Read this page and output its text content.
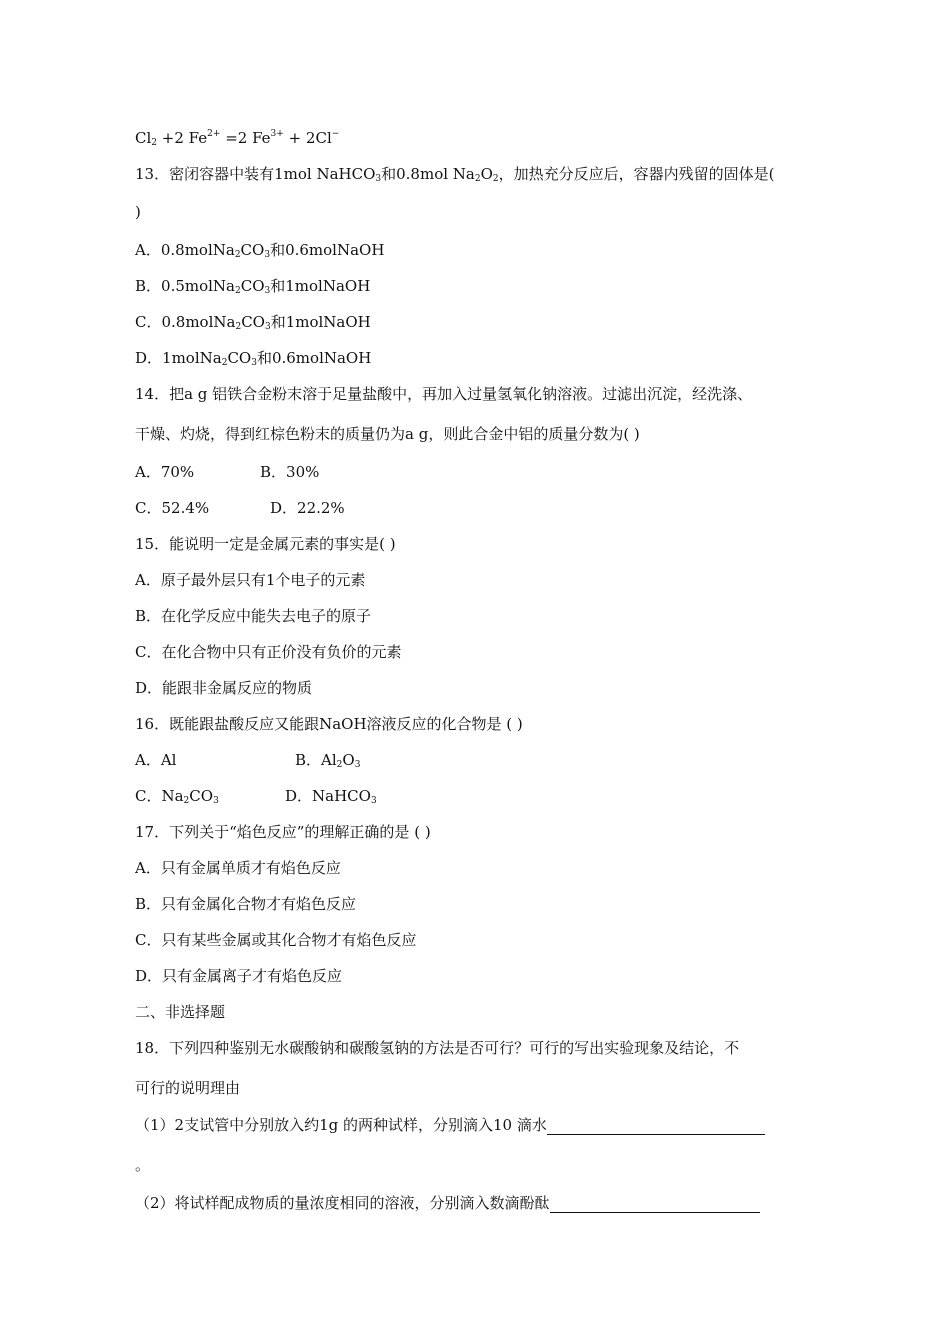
$Cl_2 +2$ $Fe^{2+} =2$ $Fe^{3+} + 2Cl^-$
13．密闭容器中装有1mol NaHCO$_3$和0.8mol $Na_2O_2$，加热充分反应后，容器内残留的固体是(
)
A．$0.8molNa_2CO_3$和0.6molNaOH
B．$0.5molNa_2CO_3$和1molNaOH
C．$0.8molNa_2CO_3$和1molNaOH
D．$1molNa_2CO_3$和0.6molNaOH
14．把a g 铝铁合金粉末溶于足量盐酸中，再加入过量氢氧化钠溶液。过滤出沉淀，经洗涤、
干燥、灼烧，得到红棕色粉末的质量仍为a g，则此合金中铝的质量分数为( )
A．70%	B．30%
C．52.4%	D．22.2%
15．能说明一定是金属元素的事实是( )
A．原子最外层只有1个电子的元素
B．在化学反应中能失去电子的原子
C．在化合物中只有正价没有负价的元素
D．能跟非金属反应的物质
16．既能跟盐酸反应又能跟NaOH溶液反应的化合物是 ( )
A．Al	B．$Al_2O_3$
C．$Na_2CO_3$	D．NaHCO$_3$
17．下列关于“焰色反应”的理解正确的是 ( )
A．只有金属单质才有焰色反应
B．只有金属化合物才有焰色反应
C．只有某些金属或其化合物才有焰色反应
D．只有金属离子才有焰色反应
二、非选择题
18．下列四种鉴别无水碳酸钠和碳酸氢钠的方法是否可行？可行的写出实验现象及结论，不
可行的说明理由
（1）2支试管中分别放入约1g 的两种试样，分别滴入10 滴水
。
（2）将试样配成物质的量浓度相同的溶液，分别滴入数滴酚酞
